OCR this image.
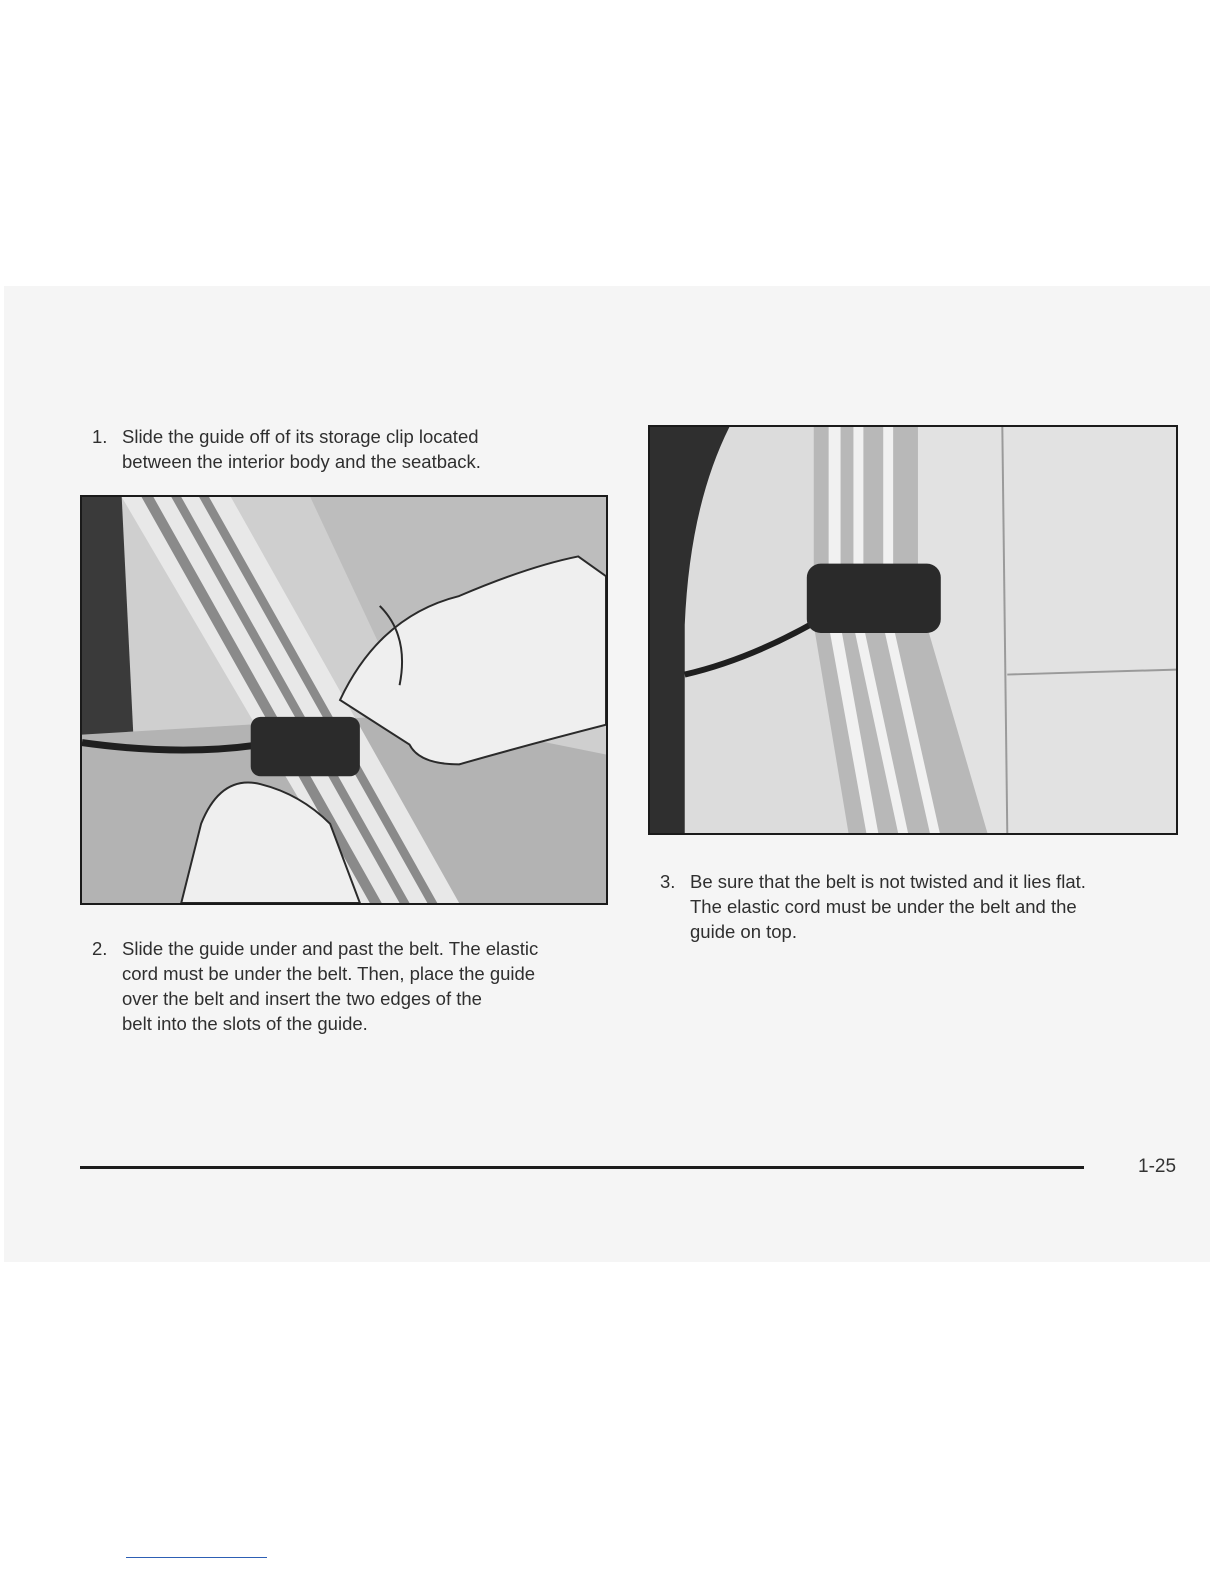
1. Slide the guide off of its storage clip located
between the interior body and the seatback.
2. Slide the guide under and past the belt. The elastic
cord must be under the belt. Then, place the guide
over the belt and insert the two edges of the
belt into the slots of the guide.
3. Be sure that the belt is not twisted and it lies flat.
The elastic cord must be under the belt and the
guide on top.
1-25
